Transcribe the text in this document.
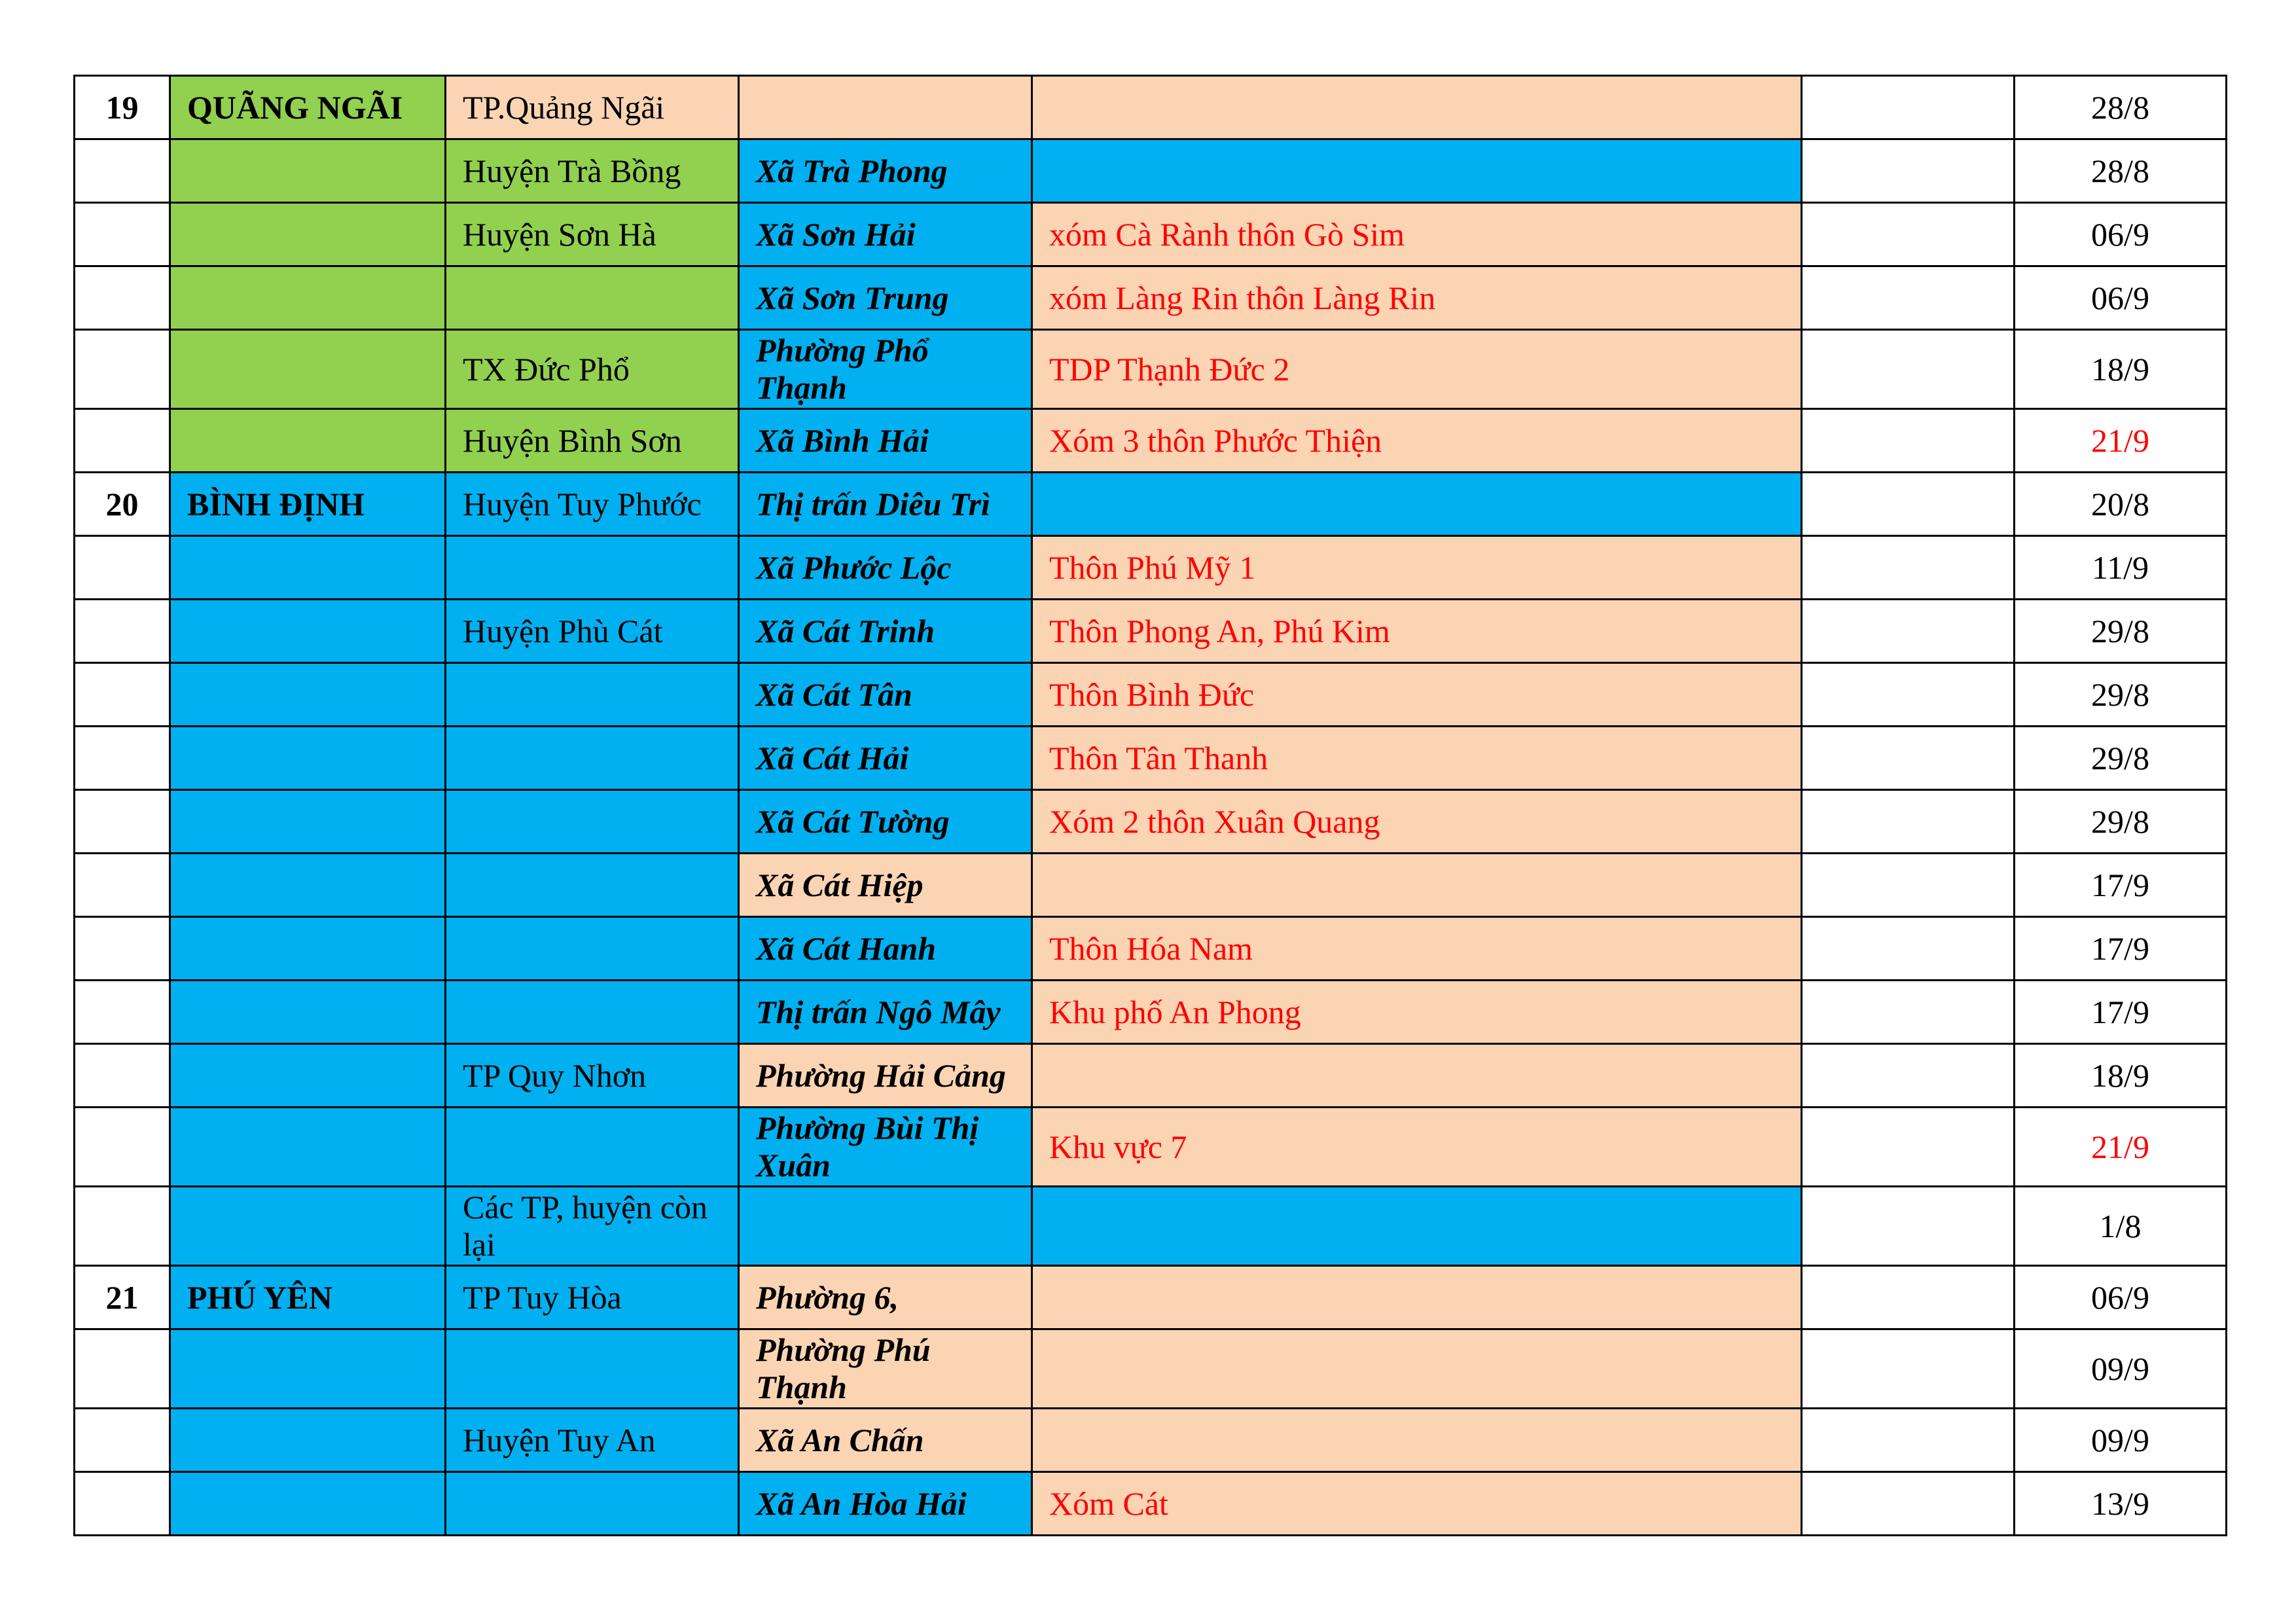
19	QUÃNG NGÃI	TP.Quảng Ngãi				28/8
		Huyện Trà Bồng	Xã Trà Phong			28/8
		Huyện Sơn Hà	Xã Sơn Hải	xóm Cà Rành thôn Gò Sim		06/9
			Xã Sơn Trung	xóm Làng Rin thôn Làng Rin		06/9
		TX Đức Phổ	Phường Phổ Thạnh	TDP Thạnh Đức 2		18/9
		Huyện Bình Sơn	Xã Bình Hải	Xóm 3 thôn Phước Thiện		21/9
20	BÌNH ĐỊNH	Huyện Tuy Phước	Thị trấn Diêu Trì			20/8
			Xã Phước Lộc	Thôn Phú Mỹ 1		11/9
		Huyện Phù Cát	Xã Cát Trinh	Thôn Phong An, Phú Kim		29/8
			Xã Cát Tân	Thôn Bình Đức		29/8
			Xã Cát Hải	Thôn Tân Thanh		29/8
			Xã Cát Tường	Xóm 2 thôn Xuân Quang		29/8
			Xã Cát Hiệp			17/9
			Xã Cát Hanh	Thôn Hóa Nam		17/9
			Thị trấn Ngô Mây	Khu phố An Phong		17/9
		TP Quy Nhơn	Phường Hải Cảng			18/9
			Phường Bùi Thị Xuân	Khu vực 7		21/9
		Các TP, huyện còn lại				1/8
21	PHÚ YÊN	TP Tuy Hòa	Phường 6,			06/9
			Phường Phú Thạnh			09/9
		Huyện Tuy An	Xã An Chấn			09/9
			Xã An Hòa Hải	Xóm Cát		13/9
